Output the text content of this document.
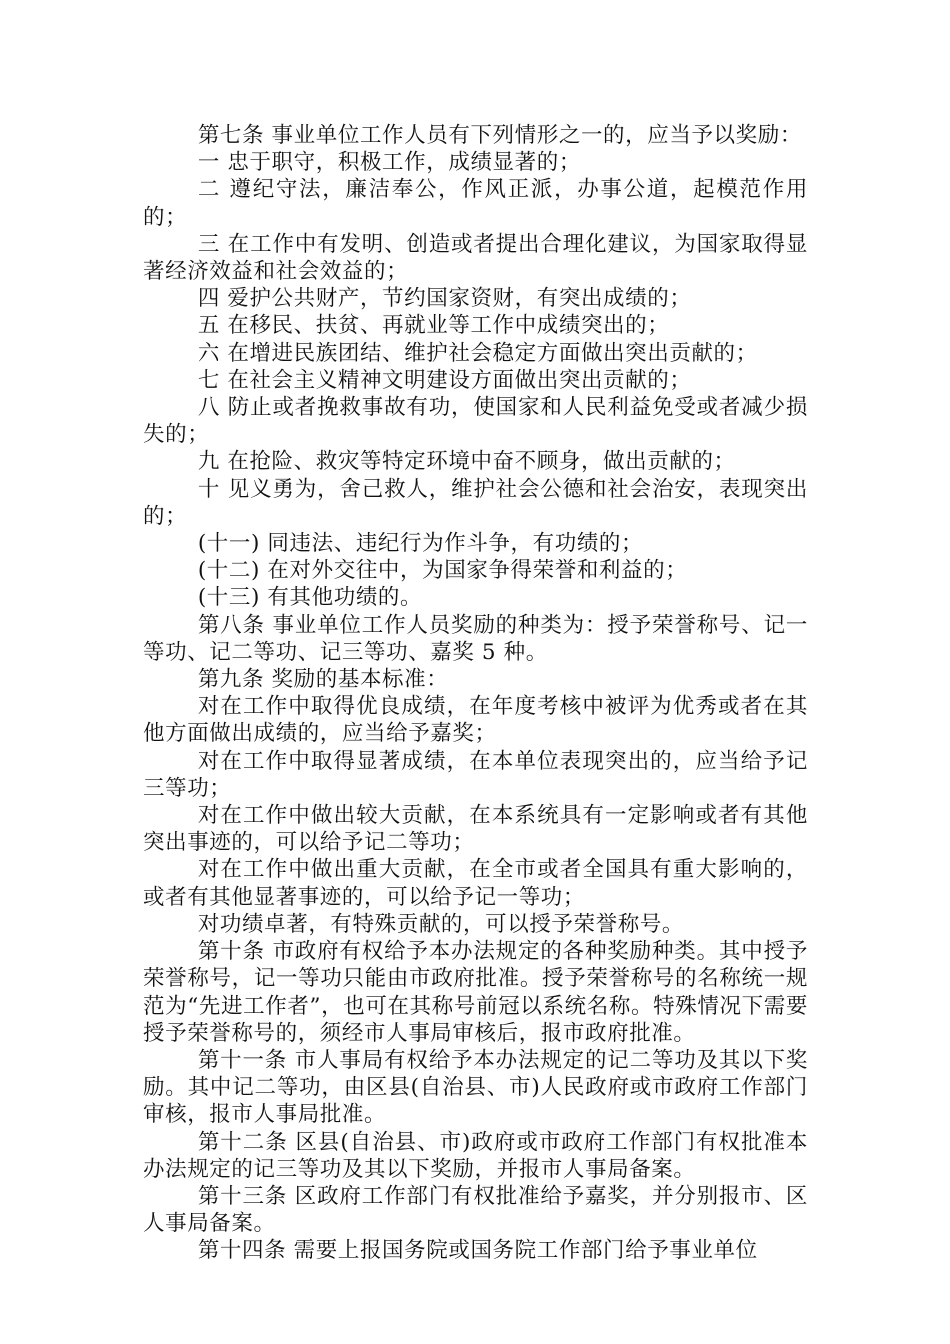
第七条 事业单位工作人员有下列情形之一的，应当予以奖励：

一 忠于职守，积极工作，成绩显著的；

二 遵纪守法，廉洁奉公，作风正派，办事公道，起模范作用的；

三 在工作中有发明、创造或者提出合理化建议，为国家取得显著经济效益和社会效益的；

四 爱护公共财产，节约国家资财，有突出成绩的；

五 在移民、扶贫、再就业等工作中成绩突出的；

六 在增进民族团结、维护社会稳定方面做出突出贡献的；

七 在社会主义精神文明建设方面做出突出贡献的；

八 防止或者挽救事故有功，使国家和人民利益免受或者减少损失的；

九 在抢险、救灾等特定环境中奋不顾身，做出贡献的；

十 见义勇为，舍己救人，维护社会公德和社会治安，表现突出的；

(十一) 同违法、违纪行为作斗争，有功绩的；

(十二) 在对外交往中，为国家争得荣誉和利益的；

(十三) 有其他功绩的。

第八条 事业单位工作人员奖励的种类为：授予荣誉称号、记一等功、记二等功、记三等功、嘉奖 5 种。

第九条 奖励的基本标准：

对在工作中取得优良成绩，在年度考核中被评为优秀或者在其他方面做出成绩的，应当给予嘉奖；

对在工作中取得显著成绩，在本单位表现突出的，应当给予记三等功；

对在工作中做出较大贡献，在本系统具有一定影响或者有其他突出事迹的，可以给予记二等功；

对在工作中做出重大贡献，在全市或者全国具有重大影响的，或者有其他显著事迹的，可以给予记一等功；

对功绩卓著，有特殊贡献的，可以授予荣誉称号。

第十条 市政府有权给予本办法规定的各种奖励种类。其中授予荣誉称号，记一等功只能由市政府批准。授予荣誉称号的名称统一规范为“先进工作者”，也可在其称号前冠以系统名称。特殊情况下需要授予荣誉称号的，须经市人事局审核后，报市政府批准。

第十一条 市人事局有权给予本办法规定的记二等功及其以下奖励。其中记二等功，由区县(自治县、市)人民政府或市政府工作部门审核，报市人事局批准。

第十二条 区县(自治县、市)政府或市政府工作部门有权批准本办法规定的记三等功及其以下奖励，并报市人事局备案。

第十三条 区政府工作部门有权批准给予嘉奖，并分别报市、区人事局备案。

第十四条 需要上报国务院或国务院工作部门给予事业单位
